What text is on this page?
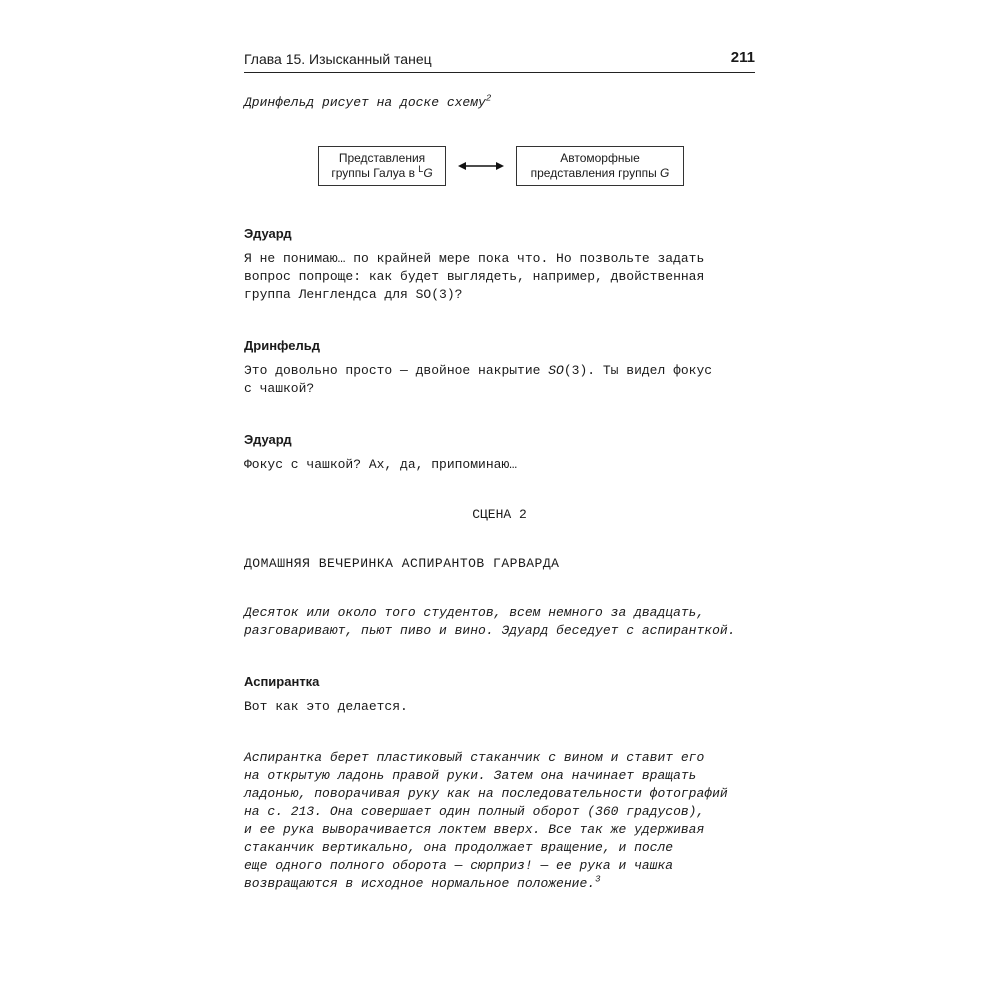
Глава 15. Изысканный танец	211
Дринфельд рисует на доске схему$^2$
Представления
группы Галуа в $^L$G
Автоморфные
представления группы G
Эдуард
Я не понимаю… по крайней мере пока что. Но позвольте задать
вопрос попроще: как будет выглядеть, например, двойственная
группа Ленглендса для SO(3)?
Дринфельд
Это довольно просто — двойное накрытие SO(3). Ты видел фокус
с чашкой?
Эдуард
Фокус с чашкой? Ах, да, припоминаю…
СЦЕНА 2
ДОМАШНЯЯ ВЕЧЕРИНКА АСПИРАНТОВ ГАРВАРДА
Десяток или около того студентов, всем немного за двадцать,
разговаривают, пьют пиво и вино. Эдуард беседует с аспиранткой.
Аспирантка
Вот как это делается.
Аспирантка берет пластиковый стаканчик с вином и ставит его
на открытую ладонь правой руки. Затем она начинает вращать
ладонью, поворачивая руку как на последовательности фотографий
на с. 213. Она совершает один полный оборот (360 градусов),
и ее рука выворачивается локтем вверх. Все так же удерживая
стаканчик вертикально, она продолжает вращение, и после
еще одного полного оборота — сюрприз! — ее рука и чашка
возвращаются в исходное нормальное положение.$^3$
